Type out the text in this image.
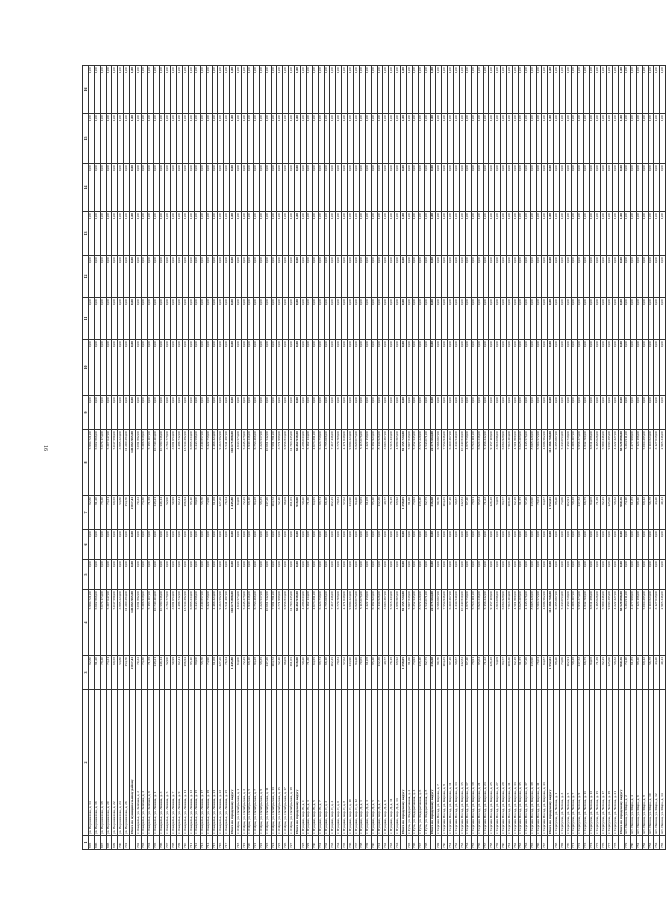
16
1	2	3	4	5	6	7	8	9	10	11	12	13	14	15	16
695	ул. Ворошилова, д. 14	82,80	5 994 721,00	0,00	0,00	82,80	5 994 721,00	0,00	0,00	0,00	0,00	1,00	0,00	1,00	1,00
696	ул. Ворошилова, д. 16	91,20	6 602 866,00	0,00	0,00	91,20	6 602 866,00	0,00	0,00	0,00	0,00	1,00	0,00	1,00	1,00
697	ул. Ворошилова, д. 18	78,40	5 676 174,00	0,00	0,00	78,40	5 676 174,00	0,00	0,00	0,00	0,00	1,00	0,00	1,00	1,00
698	ул. Ворошилова, д. 20	73,31	5 307 647,00	0,00	0,00	73,31	5 307 647,00	0,00	0,00	0,00	0,00	1,00	0,00	1,00	1,00
699	ул. Ворошилова, д. 22	69,58	5 037 580,00	0,00	0,00	69,58	5 037 580,00	0,00	0,00	0,00	0,00	1,00	0,00	1,00	1,00
700	ул. Ворошилова, д. 24	53,80	3 895 224,00	0,00	0,00	53,80	3 895 224,00	0,00	0,00	0,00	0,00	1,00	0,00	1,00	1,00
701	ул. Ворошилова, д. 26	154,70	11 200 284,00	0,00	0,00	154,70	11 200 284,00	0,00	0,00	0,00	0,00	1,00	0,00	1,00	1,00
	Итого по муниципальному району	2 017,43	146 063 965,00	0,00	0,00	2 017,43	146 063 965,00	0,00	0,00	0,00	0,00	1,00	0,00	1,00	1,00
702	г. Ожерелье, ул. Зелёная, д. 2	70,33	5 091 892,00	0,00	0,00	70,33	5 091 892,00	0,00	0,00	0,00	0,00	1,00	0,00	1,00	1,00
703	г. Ожерелье, ул. Зелёная, д. 4	73,30	5 306 919,00	0,00	0,00	73,30	5 306 919,00	0,00	0,00	0,00	0,00	1,00	0,00	1,00	1,00
704	г. Ожерелье, ул. Зелёная, д. 6	71,59	5 183 107,00	0,00	0,00	71,59	5 183 107,00	0,00	0,00	0,00	0,00	1,00	0,00	1,00	1,00
705	г. Ожерелье, ул. Ленина, д. 1	148,21	10 730 404,00	0,00	0,00	148,21	10 730 404,00	0,00	0,00	0,00	0,00	1,00	0,00	1,00	1,00
706	г. Ожерелье, ул. Ленина, д. 3	146,14	10 580 536,00	0,00	0,00	146,14	10 580 536,00	0,00	0,00	0,00	0,00	1,00	0,00	1,00	1,00
707	г. Ожерелье, ул. Ленина, д. 5	52,00	3 764 778,00	0,00	0,00	52,00	3 764 778,00	0,00	0,00	0,00	0,00	1,00	0,00	1,00	1,00
708	г. Ожерелье, ул. Ленина, д. 7	50,99	3 691 654,00	0,00	0,00	50,99	3 691 654,00	0,00	0,00	0,00	0,00	1,00	0,00	1,00	1,00
709	г. Ожерелье, ул. Ленина, д. 9	62,11	4 496 732,00	0,00	0,00	62,11	4 496 732,00	0,00	0,00	0,00	0,00	1,00	0,00	1,00	1,00
710	г. Ожерелье, ул. Ленина, д. 11	186,94	13 534 392,00	0,00	0,00	186,94	13 534 392,00	0,00	0,00	0,00	0,00	1,00	0,00	1,00	1,00
711	г. Ожерелье, ул. Ленина, д. 13	95,10	6 885 234,00	0,00	0,00	95,10	6 885 234,00	0,00	0,00	0,00	0,00	1,00	0,00	1,00	1,00
712	г. Ожерелье, ул. Ленина, д. 15	89,00	6 443 596,00	0,00	0,00	89,00	6 443 596,00	0,00	0,00	0,00	0,00	1,00	0,00	1,00	1,00
713	г. Ожерелье, ул. Ленина, д. 17	58,70	4 249 857,00	0,00	0,00	58,70	4 249 857,00	0,00	0,00	0,00	0,00	1,00	0,00	1,00	1,00
714	г. Ожерелье, ул. Ленина, д. 19	74,90	5 422 758,00	0,00	0,00	74,90	5 422 758,00	0,00	0,00	0,00	0,00	1,00	0,00	1,00	1,00
715	г. Ожерелье, ул. Ленина, д. 21	61,69	4 466 324,00	0,00	0,00	61,69	4 466 324,00	0,00	0,00	0,00	0,00	1,00	0,00	1,00	1,00
716	г. Ожерелье, ул. Ленина, д. 23	127,26	9 213 582,00	0,00	0,00	127,26	9 213 582,00	0,00	0,00	0,00	0,00	1,00	0,00	1,00	1,00
717	г. Ожерелье, ул. Ленина, д. 25	76,54	5 541 497,00	0,00	0,00	76,54	5 541 497,00	0,00	0,00	0,00	0,00	1,00	0,00	1,00	1,00
	Итого по городскому округу	1 445,80	104 675 808,00	0,00	0,00	1 445,80	104 675 808,00	0,00	0,00	0,00	0,00	1,00	0,00	1,00	1,00
718	г. Озёры, ул. Октябрьская, д. 1	64,00	4 633 573,00	0,00	0,00	64,00	4 633 573,00	0,00	0,00	0,00	0,00	1,00	0,00	1,00	1,00
719	г. Озёры, ул. Октябрьская, д. 3	72,45	5 245 378,00	0,00	0,00	72,45	5 245 378,00	0,00	0,00	0,00	0,00	1,00	0,00	1,00	1,00
720	г. Озёры, ул. Октябрьская, д. 5	68,10	4 930 436,00	0,00	0,00	68,10	4 930 436,00	0,00	0,00	0,00	0,00	1,00	0,00	1,00	1,00
721	г. Озёры, ул. Октябрьская, д. 7	93,28	6 753 466,00	0,00	0,00	93,28	6 753 466,00	0,00	0,00	0,00	0,00	1,00	0,00	1,00	1,00
722	г. Озёры, ул. Октябрьская, д. 9	58,35	4 224 517,00	0,00	0,00	58,35	4 224 517,00	0,00	0,00	0,00	0,00	1,00	0,00	1,00	1,00
723	г. Озёры, ул. Октябрьская, д. 11	147,26	10 661 542,00	0,00	0,00	147,26	10 661 542,00	0,00	0,00	0,00	0,00	1,00	0,00	1,00	1,00
724	г. Озёры, ул. Октябрьская, д. 13	104,72	7 581 781,00	0,00	0,00	104,72	7 581 781,00	0,00	0,00	0,00	0,00	1,00	0,00	1,00	1,00
725	г. Озёры, ул. Октябрьская, д. 15	52,10	3 771 998,00	0,00	0,00	52,10	3 771 998,00	0,00	0,00	0,00	0,00	1,00	0,00	1,00	1,00
726	г. Озёры, ул. Октябрьская, д. 17	96,09	6 956 813,00	0,00	0,00	96,09	6 956 813,00	0,00	0,00	0,00	0,00	1,00	0,00	1,00	1,00
727	г. Озёры, ул. Октябрьская, д. 19	161,65	11 703 435,00	0,00	0,00	161,65	11 703 435,00	0,00	0,00	0,00	0,00	1,00	0,00	1,00	1,00
	Итого по городскому округу	918,00	66 462 939,00	0,00	0,00	918,00	66 462 939,00	0,00	0,00	0,00	0,00	1,00	0,00	1,00	1,00
728	г. Пущино, мкр. В, д. 1	59,20	4 286 033,00	0,00	0,00	59,20	4 286 033,00	0,00	0,00	0,00	0,00	1,00	0,00	1,00	1,00
729	г. Пущино, мкр. В, д. 3	71,30	5 162 134,00	0,00	0,00	71,30	5 162 134,00	0,00	0,00	0,00	0,00	1,00	0,00	1,00	1,00
730	г. Пущино, мкр. В, д. 5	64,55	4 673 391,00	0,00	0,00	64,55	4 673 391,00	0,00	0,00	0,00	0,00	1,00	0,00	1,00	1,00
731	г. Пущино, мкр. В, д. 7	88,74	6 424 759,00	0,00	0,00	88,74	6 424 759,00	0,00	0,00	0,00	0,00	1,00	0,00	1,00	1,00
732	г. Пущино, мкр. Г, д. 2	66,10	4 785 606,00	0,00	0,00	66,10	4 785 606,00	0,00	0,00	0,00	0,00	1,00	0,00	1,00	1,00
733	г. Пущино, мкр. Г, д. 4	102,45	7 417 436,00	0,00	0,00	102,45	7 417 436,00	0,00	0,00	0,00	0,00	1,00	0,00	1,00	1,00
734	г. Пущино, мкр. Г, д. 6	79,83	5 779 708,00	0,00	0,00	79,83	5 779 708,00	0,00	0,00	0,00	0,00	1,00	0,00	1,00	1,00
735	г. Пущино, мкр. Г, д. 8	57,62	4 171 639,00	0,00	0,00	57,62	4 171 639,00	0,00	0,00	0,00	0,00	1,00	0,00	1,00	1,00
736	г. Пущино, мкр. Г, д. 10	133,90	9 694 324,00	0,00	0,00	133,90	9 694 324,00	0,00	0,00	0,00	0,00	1,00	0,00	1,00	1,00
737	г. Пущино, мкр. Г, д. 12	94,20	6 820 075,00	0,00	0,00	94,20	6 820 075,00	0,00	0,00	0,00	0,00	1,00	0,00	1,00	1,00
738	г. Пущино, мкр. Д, д. 1	70,65	5 115 076,00	0,00	0,00	70,65	5 115 076,00	0,00	0,00	0,00	0,00	1,00	0,00	1,00	1,00
739	г. Пущино, мкр. Д, д. 3	61,08	4 422 159,00	0,00	0,00	61,08	4 422 159,00	0,00	0,00	0,00	0,00	1,00	0,00	1,00	1,00
740	г. Пущино, мкр. Д, д. 5	85,40	6 182 923,00	0,00	0,00	85,40	6 182 923,00	0,00	0,00	0,00	0,00	1,00	0,00	1,00	1,00
741	г. Пущино, мкр. Д, д. 7	112,36	8 134 926,00	0,00	0,00	112,36	8 134 926,00	0,00	0,00	0,00	0,00	1,00	0,00	1,00	1,00
742	г. Пущино, мкр. Д, д. 9	49,77	3 603 367,00	0,00	0,00	49,77	3 603 367,00	0,00	0,00	0,00	0,00	1,00	0,00	1,00	1,00
743	г. Пущино, мкр. Д, д. 11	76,18	5 515 433,00	0,00	0,00	76,18	5 515 433,00	0,00	0,00	0,00	0,00	1,00	0,00	1,00	1,00
744	г. Пущино, мкр. Д, д. 13	68,92	4 989 805,00	0,00	0,00	68,92	4 989 805,00	0,00	0,00	0,00	0,00	1,00	0,00	1,00	1,00
	Итого по городскому округу	1 259,05	91 155 724,00	0,00	0,00	1 259,05	91 155 724,00	0,00	0,00	0,00	0,00	1,00	0,00	1,00	1,00
745	г. Руза, ул. Федеративная, д. 2	81,60	5 907 838,00	0,00	0,00	81,60	5 907 838,00	0,00	0,00	0,00	0,00	1,00	0,00	1,00	1,00
746	г. Руза, ул. Федеративная, д. 4	73,93	5 352 535,00	0,00	0,00	73,93	5 352 535,00	0,00	0,00	0,00	0,00	1,00	0,00	1,00	1,00
747	г. Руза, ул. Федеративная, д. 6	118,40	8 572 220,00	0,00	0,00	118,40	8 572 220,00	0,00	0,00	0,00	0,00	1,00	0,00	1,00	1,00
748	г. Руза, ул. Федеративная, д. 8	62,75	4 543 071,00	0,00	0,00	62,75	4 543 071,00	0,00	0,00	0,00	0,00	1,00	0,00	1,00	1,00
	Итого по городскому округу	336,68	24 375 664,00	0,00	0,00	336,68	24 375 664,00	0,00	0,00	0,00	0,00	1,00	0,00	1,00	1,00
749	г. Сергиев Посад, ул. Кирова, д. 7	90,70	6 566 667,00	0,00	0,00	90,70	6 566 667,00	0,00	0,00	0,00	0,00	1,00	0,00	1,00	1,00
750	г. Сергиев Посад, ул. Кирова, д. 9	104,35	7 554 936,00	0,00	0,00	104,35	7 554 936,00	0,00	0,00	0,00	0,00	1,00	0,00	1,00	1,00
751	г. Сергиев Посад, ул. Кирова, д. 11	87,16	6 310 367,00	0,00	0,00	87,16	6 310 367,00	0,00	0,00	0,00	0,00	1,00	0,00	1,00	1,00
752	г. Сергиев Посад, ул. Кирова, д. 13	59,87	4 334 540,00	0,00	0,00	59,87	4 334 540,00	0,00	0,00	0,00	0,00	1,00	0,00	1,00	1,00
753	г. Сергиев Посад, ул. Кирова, д. 15	142,83	10 340 810,00	0,00	0,00	142,83	10 340 810,00	0,00	0,00	0,00	0,00	1,00	0,00	1,00	1,00
754	г. Сергиев Посад, ул. Кирова, д. 17	67,40	4 879 759,00	0,00	0,00	67,40	4 879 759,00	0,00	0,00	0,00	0,00	1,00	0,00	1,00	1,00
755	г. Сергиев Посад, ул. Кирова, д. 19	78,91	5 713 101,00	0,00	0,00	78,91	5 713 101,00	0,00	0,00	0,00	0,00	1,00	0,00	1,00	1,00
756	г. Сергиев Посад, ул. Кирова, д. 21	95,64	6 924 236,00	0,00	0,00	95,64	6 924 236,00	0,00	0,00	0,00	0,00	1,00	0,00	1,00	1,00
757	г. Сергиев Посад, ул. Кирова, д. 23	71,22	5 156 342,00	0,00	0,00	71,22	5 156 342,00	0,00	0,00	0,00	0,00	1,00	0,00	1,00	1,00
758	г. Сергиев Посад, ул. Кирова, д. 25	126,48	9 157 109,00	0,00	0,00	126,48	9 157 109,00	0,00	0,00	0,00	0,00	1,00	0,00	1,00	1,00
759	г. Сергиев Посад, ул. Кирова, д. 27	54,09	3 916 096,00	0,00	0,00	54,09	3 916 096,00	0,00	0,00	0,00	0,00	1,00	0,00	1,00	1,00
760	г. Сергиев Посад, ул. Кирова, д. 29	83,77	6 064 929,00	0,00	0,00	83,77	6 064 929,00	0,00	0,00	0,00	0,00	1,00	0,00	1,00	1,00
761	г. Сергиев Посад, ул. Кирова, д. 31	109,30	7 913 304,00	0,00	0,00	109,30	7 913 304,00	0,00	0,00	0,00	0,00	1,00	0,00	1,00	1,00
762	г. Сергиев Посад, ул. Кирова, д. 33	62,18	4 501 800,00	0,00	0,00	62,18	4 501 800,00	0,00	0,00	0,00	0,00	1,00	0,00	1,00	1,00
763	г. Сергиев Посад, ул. Кирова, д. 35	91,55	6 628 208,00	0,00	0,00	91,55	6 628 208,00	0,00	0,00	0,00	0,00	1,00	0,00	1,00	1,00
764	г. Сергиев Посад, ул. Кирова, д. 37	57,26	4 145 576,00	0,00	0,00	57,26	4 145 576,00	0,00	0,00	0,00	0,00	1,00	0,00	1,00	1,00
765	г. Сергиев Посад, ул. Кирова, д. 39	118,90	8 608 420,00	0,00	0,00	118,90	8 608 420,00	0,00	0,00	0,00	0,00	1,00	0,00	1,00	1,00
766	г. Сергиев Посад, ул. Кирова, д. 41	76,03	5 504 572,00	0,00	0,00	76,03	5 504 572,00	0,00	0,00	0,00	0,00	1,00	0,00	1,00	1,00
767	г. Сергиев Посад, ул. Кирова, д. 43	64,87	4 696 562,00	0,00	0,00	64,87	4 696 562,00	0,00	0,00	0,00	0,00	1,00	0,00	1,00	1,00
	Итого по городскому округу	1 552,01	112 366 768,00	0,00	0,00	1 552,01	112 366 768,00	0,00	0,00	0,00	0,00	1,00	0,00	1,00	1,00
768	г. Серпухов, ул. Чехова, д. 1	88,20	6 385 667,00	0,00	0,00	88,20	6 385 667,00	0,00	0,00	0,00	0,00	1,00	0,00	1,00	1,00
769	г. Серпухов, ул. Чехова, д. 3	73,66	5 333 053,00	0,00	0,00	73,66	5 333 053,00	0,00	0,00	0,00	0,00	1,00	0,00	1,00	1,00
770	г. Серпухов, ул. Чехова, д. 5	102,91	7 450 719,00	0,00	0,00	102,91	7 450 719,00	0,00	0,00	0,00	0,00	1,00	0,00	1,00	1,00
771	г. Серпухов, ул. Чехова, д. 7	59,48	4 306 307,00	0,00	0,00	59,48	4 306 307,00	0,00	0,00	0,00	0,00	1,00	0,00	1,00	1,00
772	г. Серпухов, ул. Чехова, д. 9	137,52	9 956 373,00	0,00	0,00	137,52	9 956 373,00	0,00	0,00	0,00	0,00	1,00	0,00	1,00	1,00
773	г. Серпухов, ул. Чехова, д. 11	66,75	4 832 700,00	0,00	0,00	66,75	4 832 700,00	0,00	0,00	0,00	0,00	1,00	0,00	1,00	1,00
774	г. Серпухов, ул. Чехова, д. 13	94,08	6 811 386,00	0,00	0,00	94,08	6 811 386,00	0,00	0,00	0,00	0,00	1,00	0,00	1,00	1,00
775	г. Серпухов, ул. Чехова, д. 15	71,39	5 168 626,00	0,00	0,00	71,39	5 168 626,00	0,00	0,00	0,00	0,00	1,00	0,00	1,00	1,00
776	г. Серпухов, ул. Чехова, д. 17	82,45	5 969 346,00	0,00	0,00	82,45	5 969 346,00	0,00	0,00	0,00	0,00	1,00	0,00	1,00	1,00
777	г. Серпухов, ул. Чехова, д. 19	125,60	9 093 395,00	0,00	0,00	125,60	9 093 395,00	0,00	0,00	0,00	0,00	1,00	0,00	1,00	1,00
778	г. Серпухов, ул. Чехова, д. 21	58,32	4 222 327,00	0,00	0,00	58,32	4 222 327,00	0,00	0,00	0,00	0,00	1,00	0,00	1,00	1,00
	Итого по городскому округу	960,36	69 529 898,00	0,00	0,00	960,36	69 529 898,00	0,00	0,00	0,00	0,00	1,00	0,00	1,00	1,00
779	пгт. Пешки, ул. Мира, д. 2	74,10	5 364 911,00	0,00	0,00	74,10	5 364 911,00	0,00	0,00	0,00	0,00	1,00	0,00	1,00	1,00
780	пгт. Пешки, ул. Мира, д. 4	61,85	4 477 999,00	0,00	0,00	61,85	4 477 999,00	0,00	0,00	0,00	0,00	1,00	0,00	1,00	1,00
781	пгт. Пешки, ул. Мира, д. 6	98,40	7 124 186,00	0,00	0,00	98,40	7 124 186,00	0,00	0,00	0,00	0,00	1,00	0,00	1,00	1,00
782	пгт. Пешки, ул. Мира, д. 8	69,12	5 004 285,00	0,00	0,00	69,12	5 004 285,00	0,00	0,00	0,00	0,00	1,00	0,00	1,00	1,00
783	пгт. Пешки, ул. Мира, д. 10	56,78	4 110 823,00	0,00	0,00	56,78	4 110 823,00	0,00	0,00	0,00	0,00	1,00	0,00	1,00	1,00
784	пгт. Пешки, ул. Мира, д. 12	43,20	3 127 618,00	0,00	0,00	43,20	3 127 618,00	0,00	0,00	0,00	0,00	1,00	0,00	1,00	1,00
785	пгт. Пешки, ул. Мира, д. 14	40,13	2 905 346,00	0,00	0,00	40,13	2 905 346,00	0,00	0,00	0,00	0,00	1,00	0,00	1,00	1,00
